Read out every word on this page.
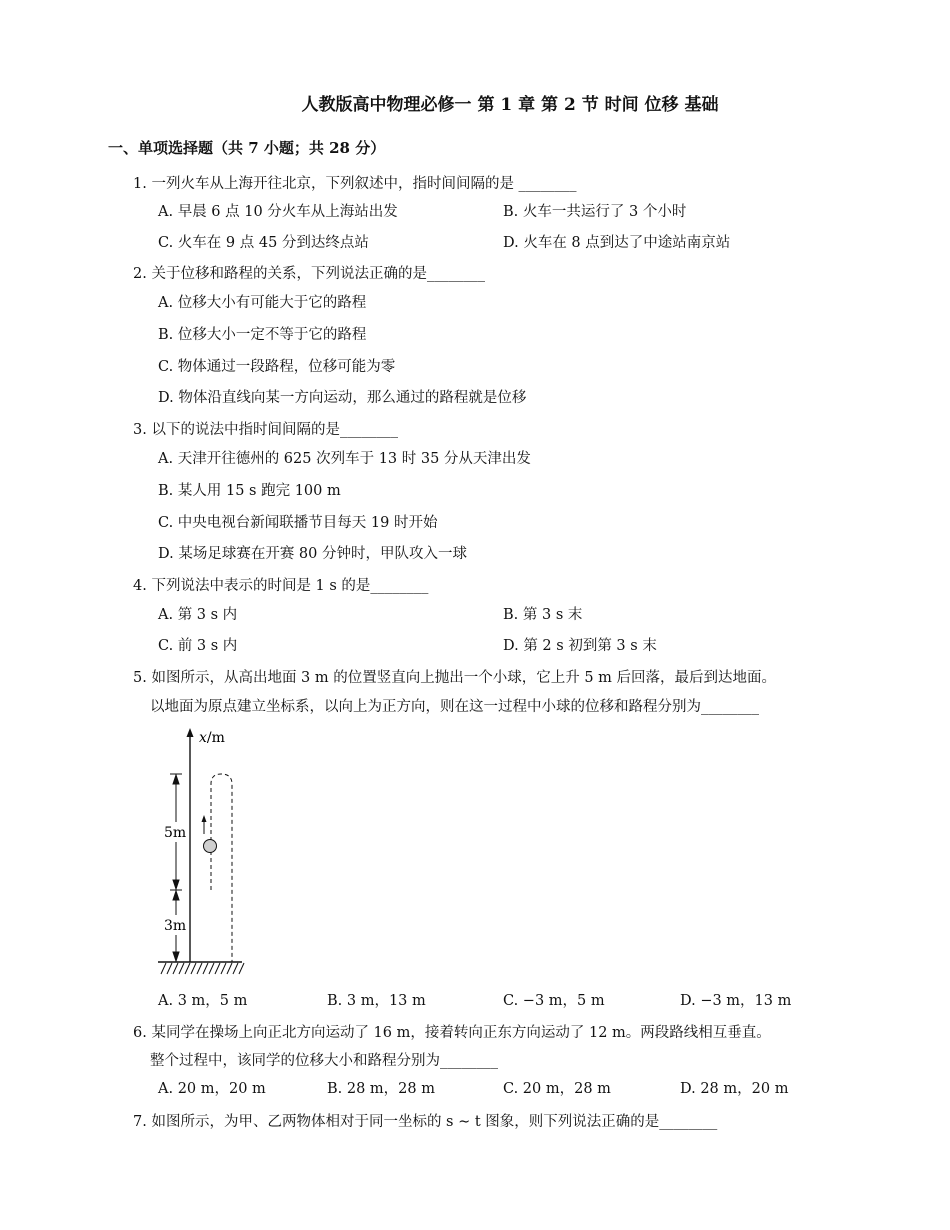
人教版高中物理必修一 第 1 章 第 2 节 时间 位移 基础
一、单项选择题（共 7 小题；共 28 分）
1. 一列火车从上海开往北京，下列叙述中，指时间间隔的是 ________
A. 早晨 6 点 10 分火车从上海站出发	B. 火车一共运行了 3 个小时
C. 火车在 9 点 45 分到达终点站	D. 火车在 8 点到达了中途站南京站
2. 关于位移和路程的关系，下列说法正确的是________
A. 位移大小有可能大于它的路程
B. 位移大小一定不等于它的路程
C. 物体通过一段路程，位移可能为零
D. 物体沿直线向某一方向运动，那么通过的路程就是位移
3. 以下的说法中指时间间隔的是________
A. 天津开往德州的 625 次列车于 13 时 35 分从天津出发
B. 某人用 15 s 跑完 100 m
C. 中央电视台新闻联播节目每天 19 时开始
D. 某场足球赛在开赛 80 分钟时，甲队攻入一球
4. 下列说法中表示的时间是 1 s 的是________
A. 第 3 s 内	B. 第 3 s 末
C. 前 3 s 内	D. 第 2 s 初到第 3 s 末
5. 如图所示，从高出地面 3 m 的位置竖直向上抛出一个小球，它上升 5 m 后回落，最后到达地面。
以地面为原点建立坐标系，以向上为正方向，则在这一过程中小球的位移和路程分别为________
x/m
5m
3m
A. 3 m，5 m	B. 3 m，13 m	C. −3 m，5 m	D. −3 m，13 m
6. 某同学在操场上向正北方向运动了 16 m，接着转向正东方向运动了 12 m。两段路线相互垂直。
整个过程中，该同学的位移大小和路程分别为________
A. 20 m，20 m	B. 28 m，28 m	C. 20 m，28 m	D. 28 m，20 m
7. 如图所示，为甲、乙两物体相对于同一坐标的 s ∼ t 图象，则下列说法正确的是________
